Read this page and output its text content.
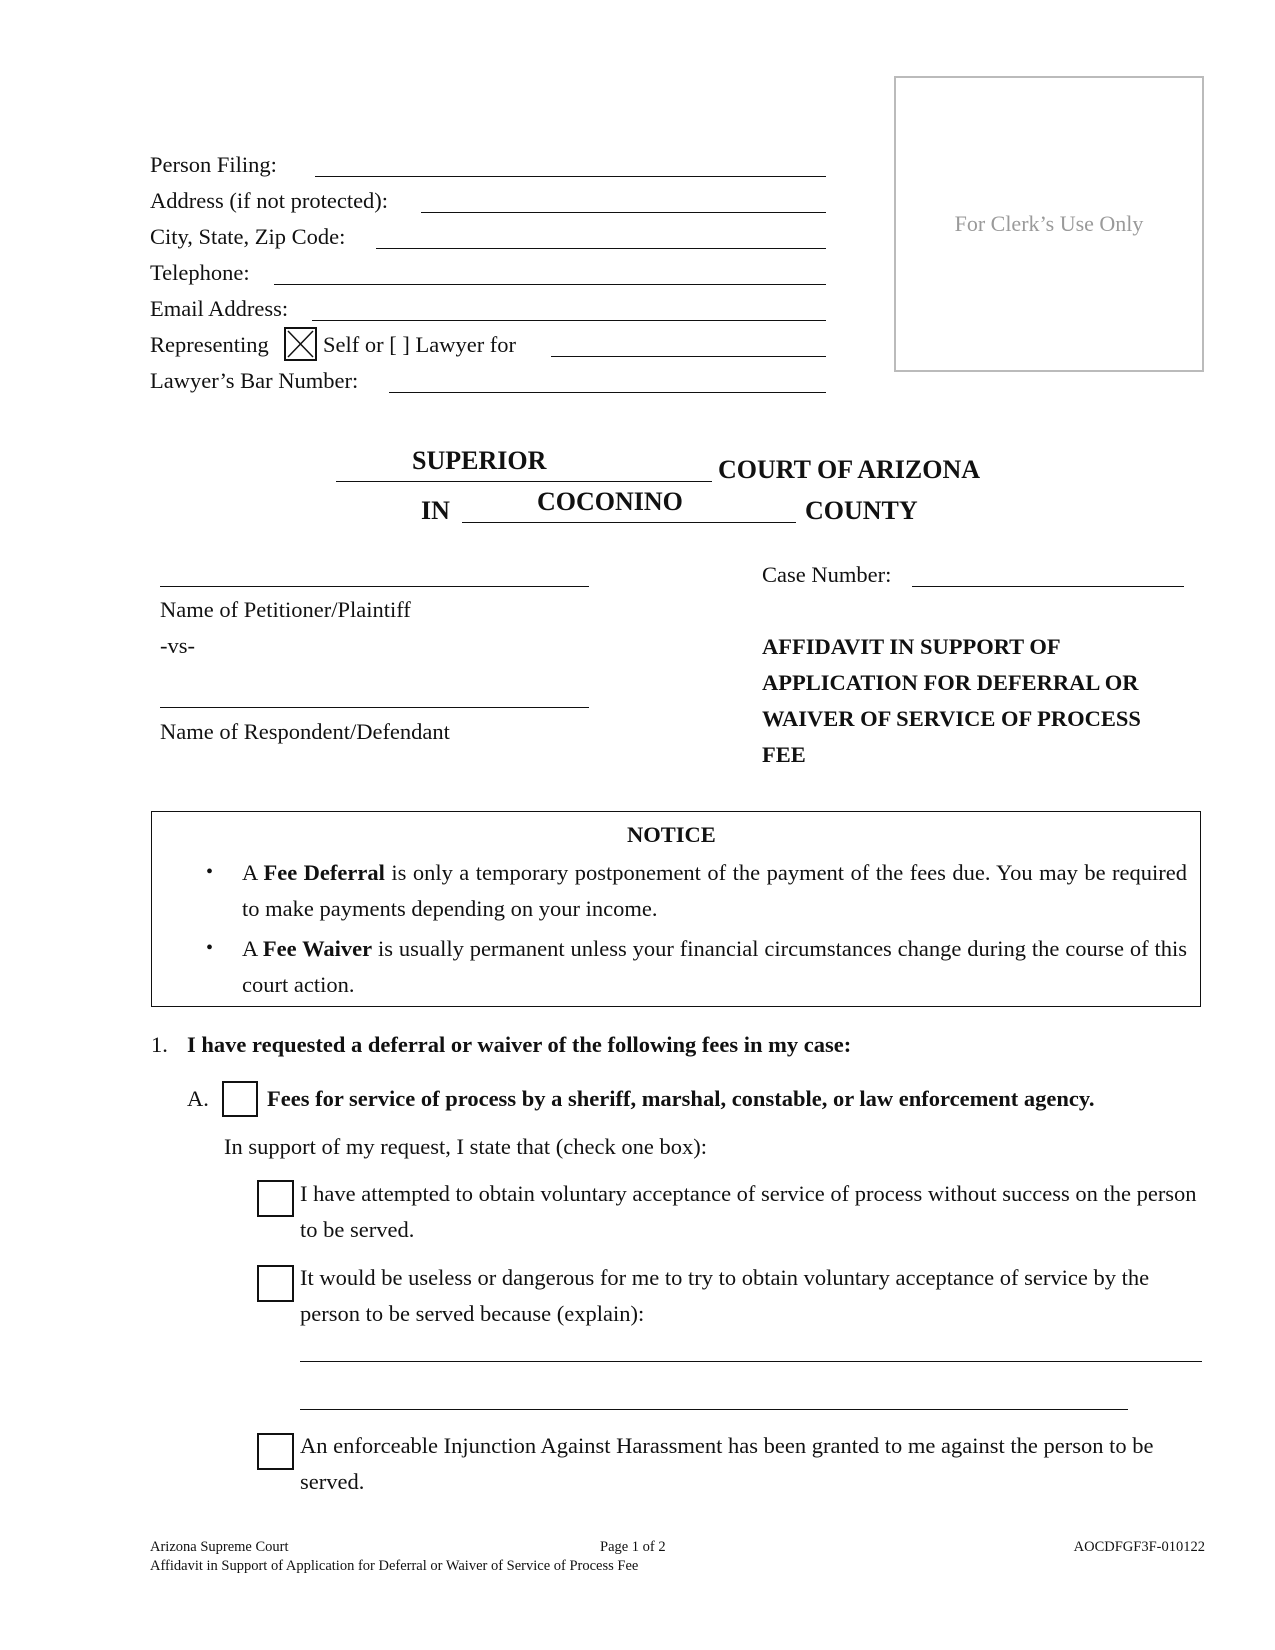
Person Filing:
Address (if not protected):
City, State, Zip Code:
Telephone:
Email Address:
Representing Self or [ ] Lawyer for
Lawyer’s Bar Number:
For Clerk’s Use Only
SUPERIOR	COURT OF ARIZONA
IN	COCONINO	COUNTY
Name of Petitioner/Plaintiff
-vs-
Name of Respondent/Defendant
Case Number:
AFFIDAVIT IN SUPPORT OF
APPLICATION FOR DEFERRAL OR
WAIVER OF SERVICE OF PROCESS
FEE
NOTICE
• A Fee Deferral is only a temporary postponement of the payment of the fees due. You may be required to make payments depending on your income.
• A Fee Waiver is usually permanent unless your financial circumstances change during the course of this court action.
1. I have requested a deferral or waiver of the following fees in my case:
A.	Fees for service of process by a sheriff, marshal, constable, or law enforcement agency.
In support of my request, I state that (check one box):
I have attempted to obtain voluntary acceptance of service of process without success on the person to be served.
It would be useless or dangerous for me to try to obtain voluntary acceptance of service by the person to be served because (explain):
An enforceable Injunction Against Harassment has been granted to me against the person to be served.
Arizona Supreme Court	Page 1 of 2	AOCDFGF3F-010122
Affidavit in Support of Application for Deferral or Waiver of Service of Process Fee
